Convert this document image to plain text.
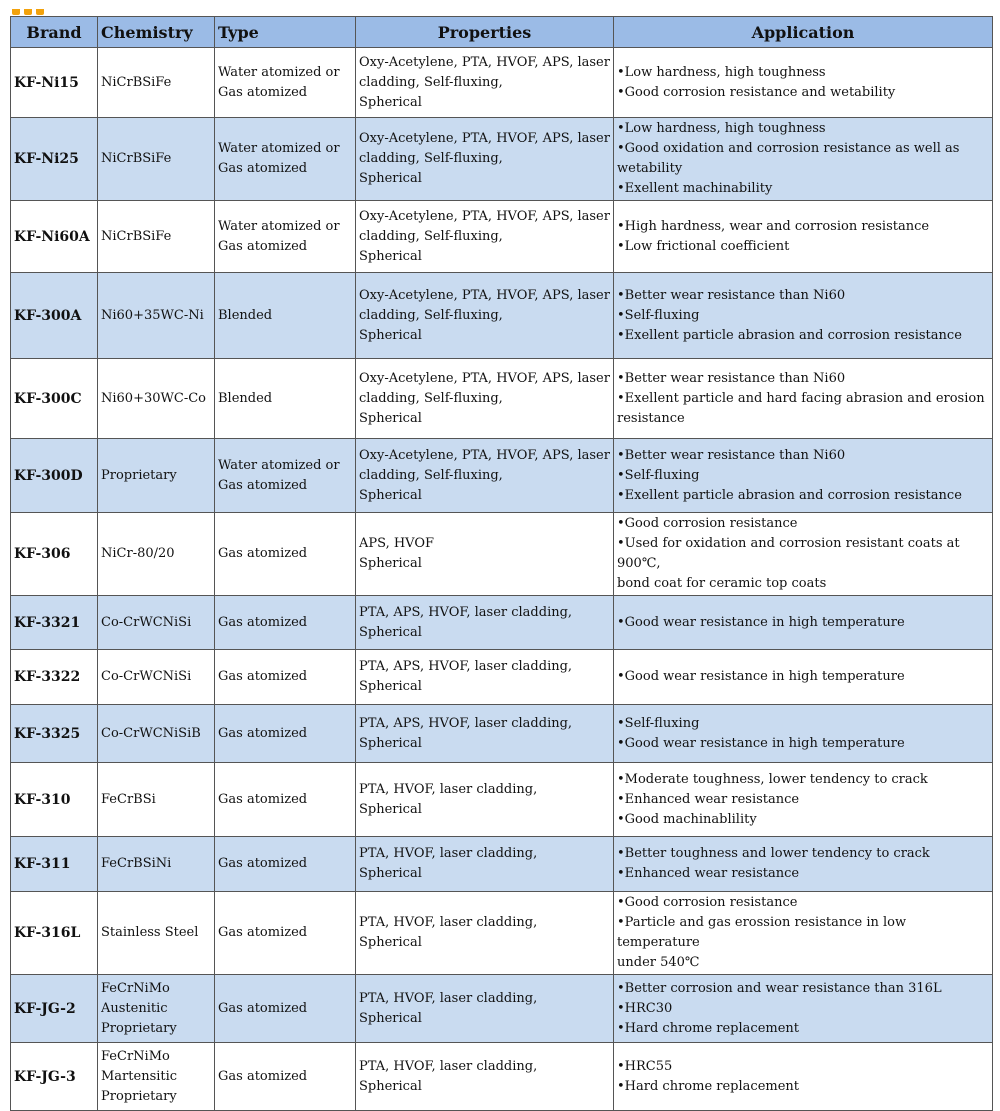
Brand	Chemistry	Type	Properties	Application
KF-Ni15	NiCrBSiFe	Water atomized or
Gas atomized	Oxy-Acetylene, PTA, HVOF, APS, laser
cladding, Self-fluxing,
Spherical	•Low hardness, high toughness
•Good corrosion resistance and wetability

KF-Ni25	NiCrBSiFe	Water atomized or
Gas atomized	Oxy-Acetylene, PTA, HVOF, APS, laser
cladding, Self-fluxing,
Spherical	•Low hardness, high toughness
•Good oxidation and corrosion resistance as well as
wetability
•Exellent machinability

KF-Ni60A	NiCrBSiFe	Water atomized or
Gas atomized	Oxy-Acetylene, PTA, HVOF, APS, laser
cladding, Self-fluxing,
Spherical	•High hardness, wear and corrosion resistance
•Low frictional coefficient

KF-300A	Ni60+35WC-Ni	Blended	Oxy-Acetylene, PTA, HVOF, APS, laser
cladding, Self-fluxing,
Spherical	•Better wear resistance than Ni60
•Self-fluxing
•Exellent particle abrasion and corrosion resistance

KF-300C	Ni60+30WC-Co	Blended	Oxy-Acetylene, PTA, HVOF, APS, laser
cladding, Self-fluxing,
Spherical	•Better wear resistance than Ni60
•Exellent particle and hard facing abrasion and erosion
resistance

KF-300D	Proprietary	Water atomized or
Gas atomized	Oxy-Acetylene, PTA, HVOF, APS, laser
cladding, Self-fluxing,
Spherical	•Better wear resistance than Ni60
•Self-fluxing
•Exellent particle abrasion and corrosion resistance

KF-306	NiCr-80/20	Gas atomized	APS, HVOF
Spherical	•Good corrosion resistance
•Used for oxidation and corrosion resistant coats at 900℃,
bond coat for ceramic top coats

KF-3321	Co-CrWCNiSi	Gas atomized	PTA, APS, HVOF, laser cladding,
Spherical	•Good wear resistance in high temperature

KF-3322	Co-CrWCNiSi	Gas atomized	PTA, APS, HVOF, laser cladding,
Spherical	•Good wear resistance in high temperature

KF-3325	Co-CrWCNiSiB	Gas atomized	PTA, APS, HVOF, laser cladding,
Spherical	•Self-fluxing
•Good wear resistance in high temperature

KF-310	FeCrBSi	Gas atomized	PTA, HVOF, laser cladding,
Spherical	•Moderate toughness, lower tendency to crack
•Enhanced wear resistance
•Good machinablility

KF-311	FeCrBSiNi	Gas atomized	PTA, HVOF, laser cladding,
Spherical	•Better toughness and lower tendency to crack
•Enhanced wear resistance

KF-316L	Stainless Steel	Gas atomized	PTA, HVOF, laser cladding,
Spherical	•Good corrosion resistance
•Particle and gas erossion resistance in low temperature
under 540℃

KF-JG-2	FeCrNiMo
Austenitic
Proprietary	Gas atomized	PTA, HVOF, laser cladding,
Spherical	•Better corrosion and wear resistance than 316L
•HRC30
•Hard chrome replacement

KF-JG-3	FeCrNiMo
Martensitic
Proprietary	Gas atomized	PTA, HVOF, laser cladding,
Spherical	•HRC55
•Hard chrome replacement
